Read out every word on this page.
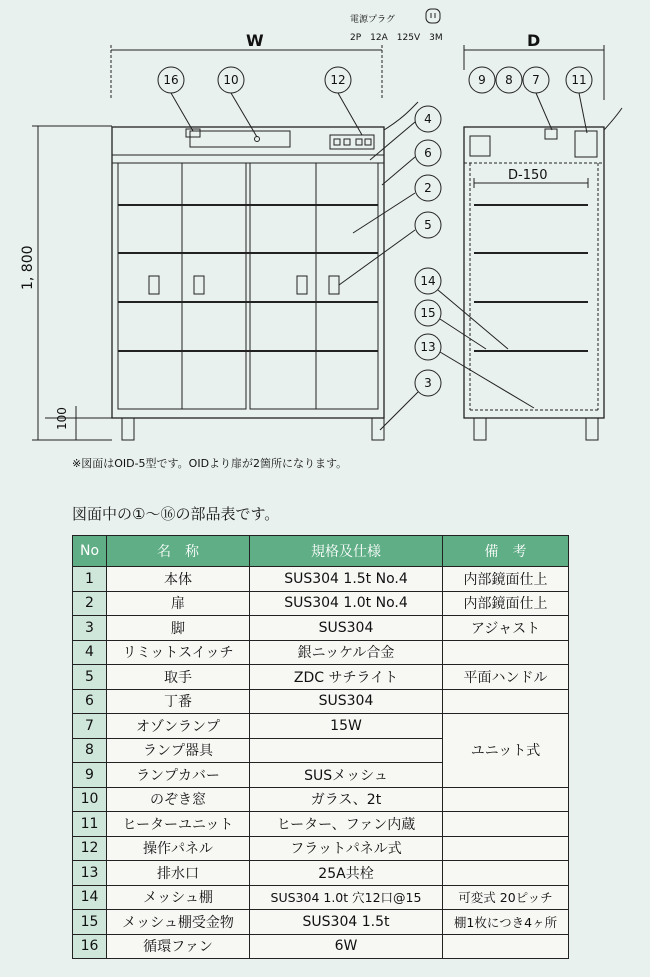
W	D
1, 800
100
D-150
電源プラグ
2P　12A　125V　3M
16	10	12
4
6
2
5
9 8 7	11
14
15
13
3
※図面はOID-5型です。OIDより扉が2箇所になります。
図面中の①～⑯の部品表です。
No	名　称	規格及仕様	備　考
1	本体	SUS304 1.5t No.4	内部鏡面仕上
2	扉	SUS304 1.0t No.4	内部鏡面仕上
3	脚	SUS304	アジャスト
4	リミットスイッチ	銀ニッケル合金	
5	取手	ZDC サチライト	平面ハンドル
6	丁番	SUS304	
7	オゾンランプ	15W	ユニット式
8	ランプ器具		
9	ランプカバー	SUSメッシュ	
10	のぞき窓	ガラス、2t	
11	ヒーターユニット	ヒーター、ファン内蔵	
12	操作パネル	フラットパネル式	
13	排水口	25A共栓	
14	メッシュ棚	SUS304 1.0t 穴12口@15	可変式 20ピッチ
15	メッシュ棚受金物	SUS304 1.5t	棚1枚につき4ヶ所
16	循環ファン	6W	
